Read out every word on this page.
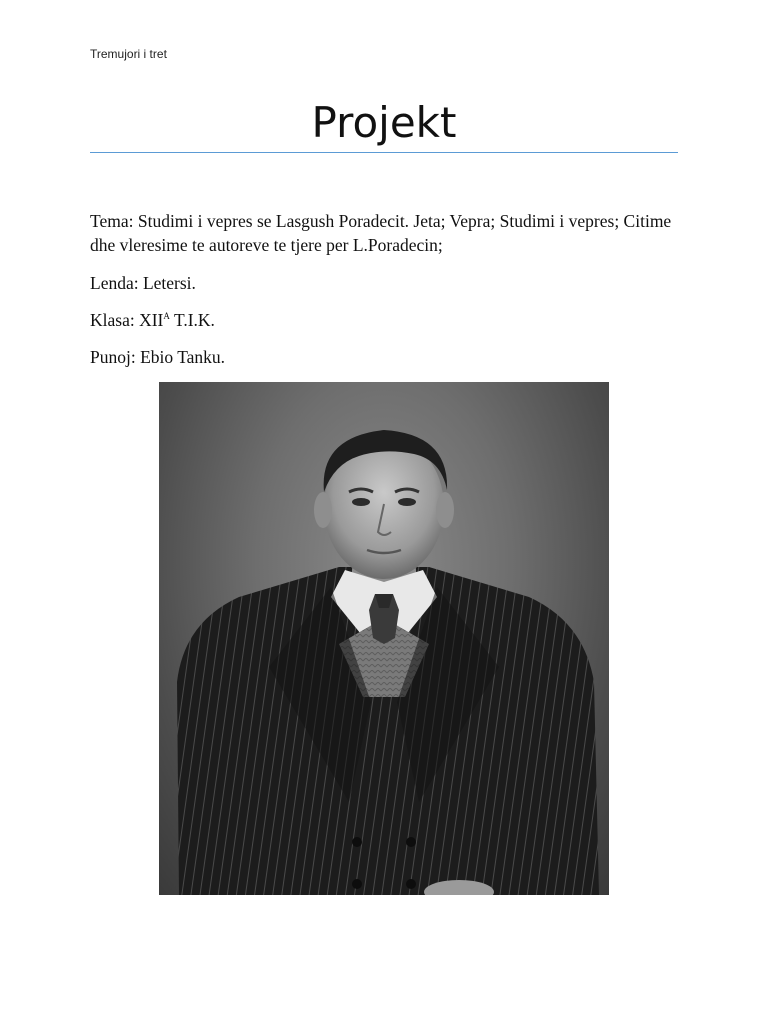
Tremujori i tret
Projekt

Tema: Studimi i vepres se Lasgush Poradecit. Jeta; Vepra; Studimi i vepres; Citime dhe vleresime te autoreve te tjere per L.Poradecin;

Lenda: Letersi.

Klasa: $XII^A$ T.I.K.

Punoj: Ebio Tanku.
